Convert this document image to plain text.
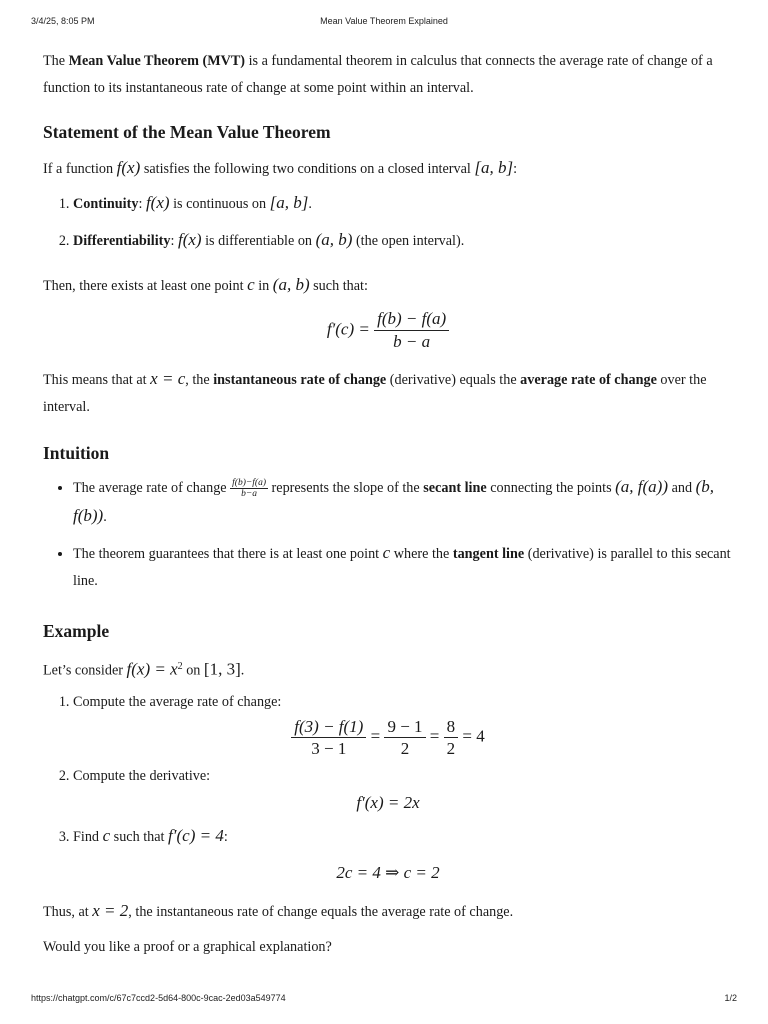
3/4/25, 8:05 PM	Mean Value Theorem Explained

The Mean Value Theorem (MVT) is a fundamental theorem in calculus that connects the average rate of change of a function to its instantaneous rate of change at some point within an interval.

Statement of the Mean Value Theorem

If a function f(x) satisfies the following two conditions on a closed interval [a, b]:

1. Continuity: f(x) is continuous on [a, b].
2. Differentiability: f(x) is differentiable on (a, b) (the open interval).

Then, there exists at least one point c in (a, b) such that:

$f'(c) = \frac{f(b) - f(a)}{b - a}$

This means that at x = c, the instantaneous rate of change (derivative) equals the average rate of change over the interval.

Intuition
• The average rate of change $\frac{f(b)-f(a)}{b-a}$ represents the slope of the secant line connecting the points (a, f(a)) and (b, f(b)).
• The theorem guarantees that there is at least one point c where the tangent line (derivative) is parallel to this secant line.
Example

Let’s consider $f(x) = x^2$ on [1, 3].

1. Compute the average rate of change:
$\frac{f(3) - f(1)}{3 - 1} = \frac{9 - 1}{2} = \frac{8}{2} = 4$
2. Compute the derivative:
f′(x) = 2x
3. Find c such that f′(c) = 4:
2c = 4 ⇒ c = 2

Thus, at x = 2, the instantaneous rate of change equals the average rate of change.

Would you like a proof or a graphical explanation?

https://chatgpt.com/c/67c7ccd2-5d64-800c-9cac-2ed03a549774	1/2
